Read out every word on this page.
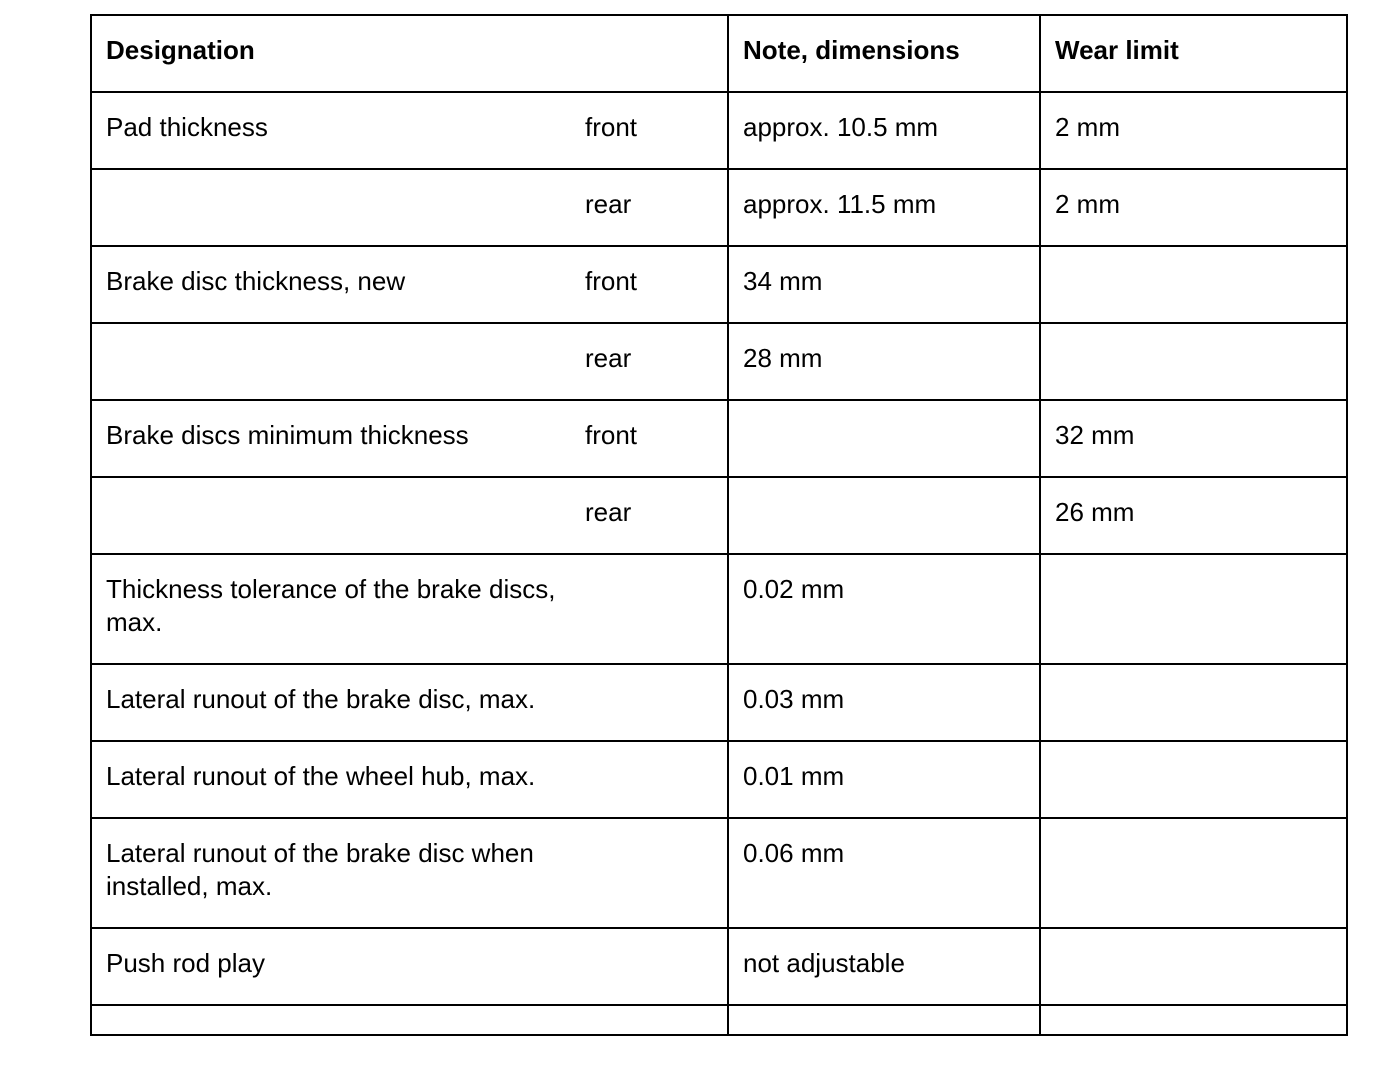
Designation	Note, dimensions	Wear limit

Pad thickness front	approx. 10.5 mm	2 mm

rear	approx. 11.5 mm	2 mm

Brake disc thickness, new front	34 mm	

rear	28 mm	

Brake discs minimum thickness front		32 mm

rear		26 mm

Thickness tolerance of the brake discs, max.	0.02 mm	

Lateral runout of the brake disc, max.	0.03 mm	

Lateral runout of the wheel hub, max.	0.01 mm	

Lateral runout of the brake disc when installed, max.	0.06 mm	

Push rod play	not adjustable	
